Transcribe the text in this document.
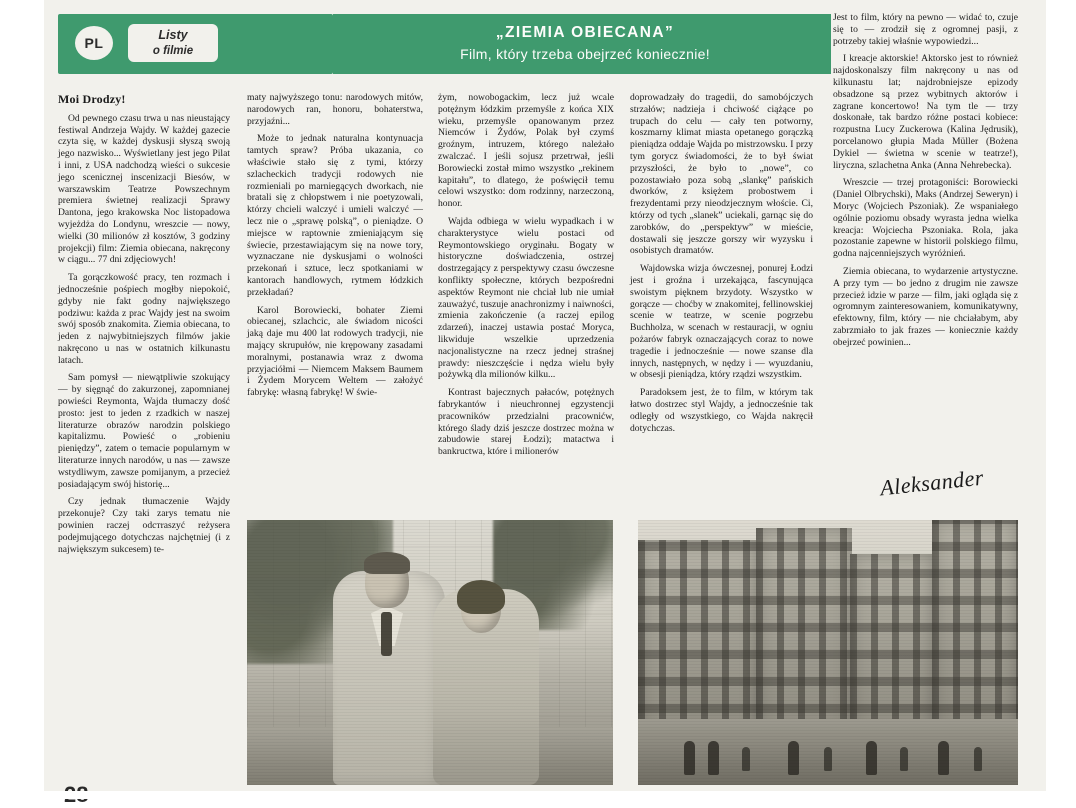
PL	Listy
o filmie
„ZIEMIA OBIECANA”
Film, który trzeba obejrzeć koniecznie!
Moi Drodzy!

Od pewnego czasu trwa u nas nieustający festiwal Andrzeja Wajdy. W każdej gazecie czyta się, w każdej dyskusji słyszą swoją jego nazwisko... Wyświetlany jest jego Pilat i inni, z USA nadchodzą wieści o sukcesie jego scenicznej inscenizacji Biesów, w warszawskim Teatrze Powszechnym premiera świetnej realizacji Sprawy Dantona, jego krakowska Noc listopadowa wyjeżdża do Londynu, wreszcie — nowy, wielki (30 milionów zł kosztów, 3 godziny projekcji) film: Ziemia obiecana, nakręcony w ciągu... 77 dni zdjęciowych!

Ta gorączkowość pracy, ten rozmach i jednocześnie pośpiech mogłby niepokoić, gdyby nie fakt godny największego podziwu: każda z prac Wajdy jest na swoim swój sposób znakomita. Ziemia obiecana, to jeden z najwybitniejszych filmów jakie nakręcono u nas w ostatnich kilkunastu latach.

Sam pomysł — niewątpliwie szokujący — by sięgnąć do zakurzonej, zapomnianej powieści Reymonta, Wajda tłumaczy dość prosto: jest to jeden z rzadkich w naszej literaturze obrazów narodzin polskiego kapitalizmu. Powieść o „robieniu pieniędzy”, zatem o temacie popularnym w literaturze innych narodów, u nas — zawsze wstydliwym, zawsze pomijanym, a przecież posiadającym swój historię...

Czy jednak tłumaczenie Wajdy przekonuje? Czy taki zarys tematu nie powinien raczej odстraszyć reżysera podejmującego dotychczas najchętniej (i z największym sukcesem) te-

maty najwyższego tonu: narodowych mitów, narodowych ran, honoru, bohaterstwa, przyjaźni...

Może to jednak naturalna kontynuacja tamtych spraw? Próba ukazania, co właściwie stało się z tymi, którzy szlacheckich tradycji rodowych nie rozmieniali po marniegących dworkach, nie bratali się z chłopstwem i nie poetyzowali, którzy chcieli walczyć i umieli walczyć — lecz nie o „sprawę polską”, o pieniądze. O miejsce w raptownie zmieniającym się świecie, przestawiającym się na nowe tory, wyznaczane nie dyskusjami o wolności przekonań i sztuce, lecz spotkaniami w kantorach handlowych, rytmem łódzkich przekładań?

Karol Borowiecki, bohater Ziemi obiecanej, szlachcic, ale świadom nicości jaką daje mu 400 lat rodowych tradycji, nie mający skrupułów, nie krępowany zasadami moralnymi, postanawia wraz z dwoma przyjaciółmi — Niemcem Maksem Baumem i Żydem Morycem Weltem — założyć fabrykę: własną fabrykę! W świe-

żym, nowobogackim, lecz już wcale potężnym łódzkim przemyśle z końca XIX wieku, przemyśle opanowanym przez Niemców i Żydów, Polak był czymś groźnym, intruzem, którego należało zwalczać. I jeśli sojusz przetrwał, jeśli Borowiecki został mimo wszystko „rekinem kapitału”, to dlatego, że poświęcił temu celowi wszystko: dom rodzinny, narzeczoną, honor.

Wajda odbiega w wielu wypadkach i w charakterystyce wielu postaci od Reymontowskiego oryginału. Bogaty w historyczne doświadczenia, ostrzej dostrzegający z perspektywy czasu ówczesne konflikty społeczne, których bezpośredni aspektów Reymont nie chciał lub nie umiał zauważyć, tuszuje anachronizmy i naiwności, zmienia zakończenie (a raczej epilog zdarzeń), inaczej ustawia postać Moryca, likwiduje wszelkie uprzedzenia nacjonalistyczne na rzecz jednej straśnej prawdy: nieszczęście i nędza wielu były pożywką dla milionów kilku...

Kontrast bajecznych pałaców, potężnych fabrykantów i nieuchronnej egzystencji pracowników przedzialni pracownićw, którego ślady dziś jeszcze dostrzec można w zabudowie starej Łodzi); matactwa i bankructwa, które i milionerów

doprowadzały do tragedii, do samobójczych strzałów; nadzieja i chciwość ciążące po trupach do celu — cały ten potworny, koszmarny klimat miasta opetanego gorączką pieniądza oddaje Wajda po mistrzowsku. I przy tym gorycz świadomości, że to był świat przyszłości, że było to „nowe”, co pozostawiało poza sobą „slankę” pańskich dworków, z księżem probostwem i frezydentami przy nieodzjecznym włoście. Ci, którzy od tych „slanek” uciekali, garnąc się do zarobków, do „perspektyw” w mieście, dostawali się jeszcze gorszy wir wyzysku i osobistych dramatów.

Wajdowska wizja ówczesnej, ponurej Łodzi jest i groźna i urzekająca, fascynująca swoistym pięknem brzydoty. Wszystko w gorącze — choćby w znakomitej, fellinowskiej scenie w teatrze, w scenie pogrzebu Buchholza, w scenach w restauracji, w ogniu pożarów fabryk oznaczających coraz to nowe tragedie i jednocześnie — nowe szanse dla innych, następnych, w nędzy i — wyuzdaniu, w obsesji pieniądza, który rządzi wszystkim.

Paradoksem jest, że to film, w którym tak łatwo dostrzec styl Wajdy, a jednocześnie tak odległy od wszystkiego, co Wajda nakręcił dotychczas.

Jest to film, który na pewno — widać to, czuje się to — zrodził się z ogromnej pasji, z potrzeby takiej właśnie wypowiedzi...

I kreacje aktorskie! Aktorsko jest to również najdoskonalszy film nakręcony u nas od kilkunastu lat; najdrobniejsze epizody obsadzone są przez wybitnych aktorów i zagrane koncertowo! Na tym tle — trzy doskonałe, tak bardzo różne postaci kobiece: rozpustna Lucy Zuckerowa (Kalina Jędrusik), porcelanowo głupia Mada Müller (Bożena Dykiel — świetna w scenie w teatrze!), liryczna, szlachetna Anka (Anna Nehrebecka).

Wreszcie — trzej protagoniści: Borowiecki (Daniel Olbrychski), Maks (Andrzej Seweryn) i Moryc (Wojciech Pszoniak). Ze wspaniałego ogólnie poziomu obsady wyrasta jedna wielka kreacja: Wojciecha Pszoniaka. Rola, jaka pozostanie zapewne w historii polskiego filmu, godna najcenniejszych wyróżnień.

Ziemia obiecana, to wydarzenie artystyczne. A przy tym — bo jedno z drugim nie zawsze przecież idzie w parze — film, jaki ogląda się z ogromnym zainteresowaniem, komunikatywny, efektowny, film, który — nie chciałabym, aby zabrzmiało to jak frazes — koniecznie każdy obejrzeć powinien...

Aleksander
